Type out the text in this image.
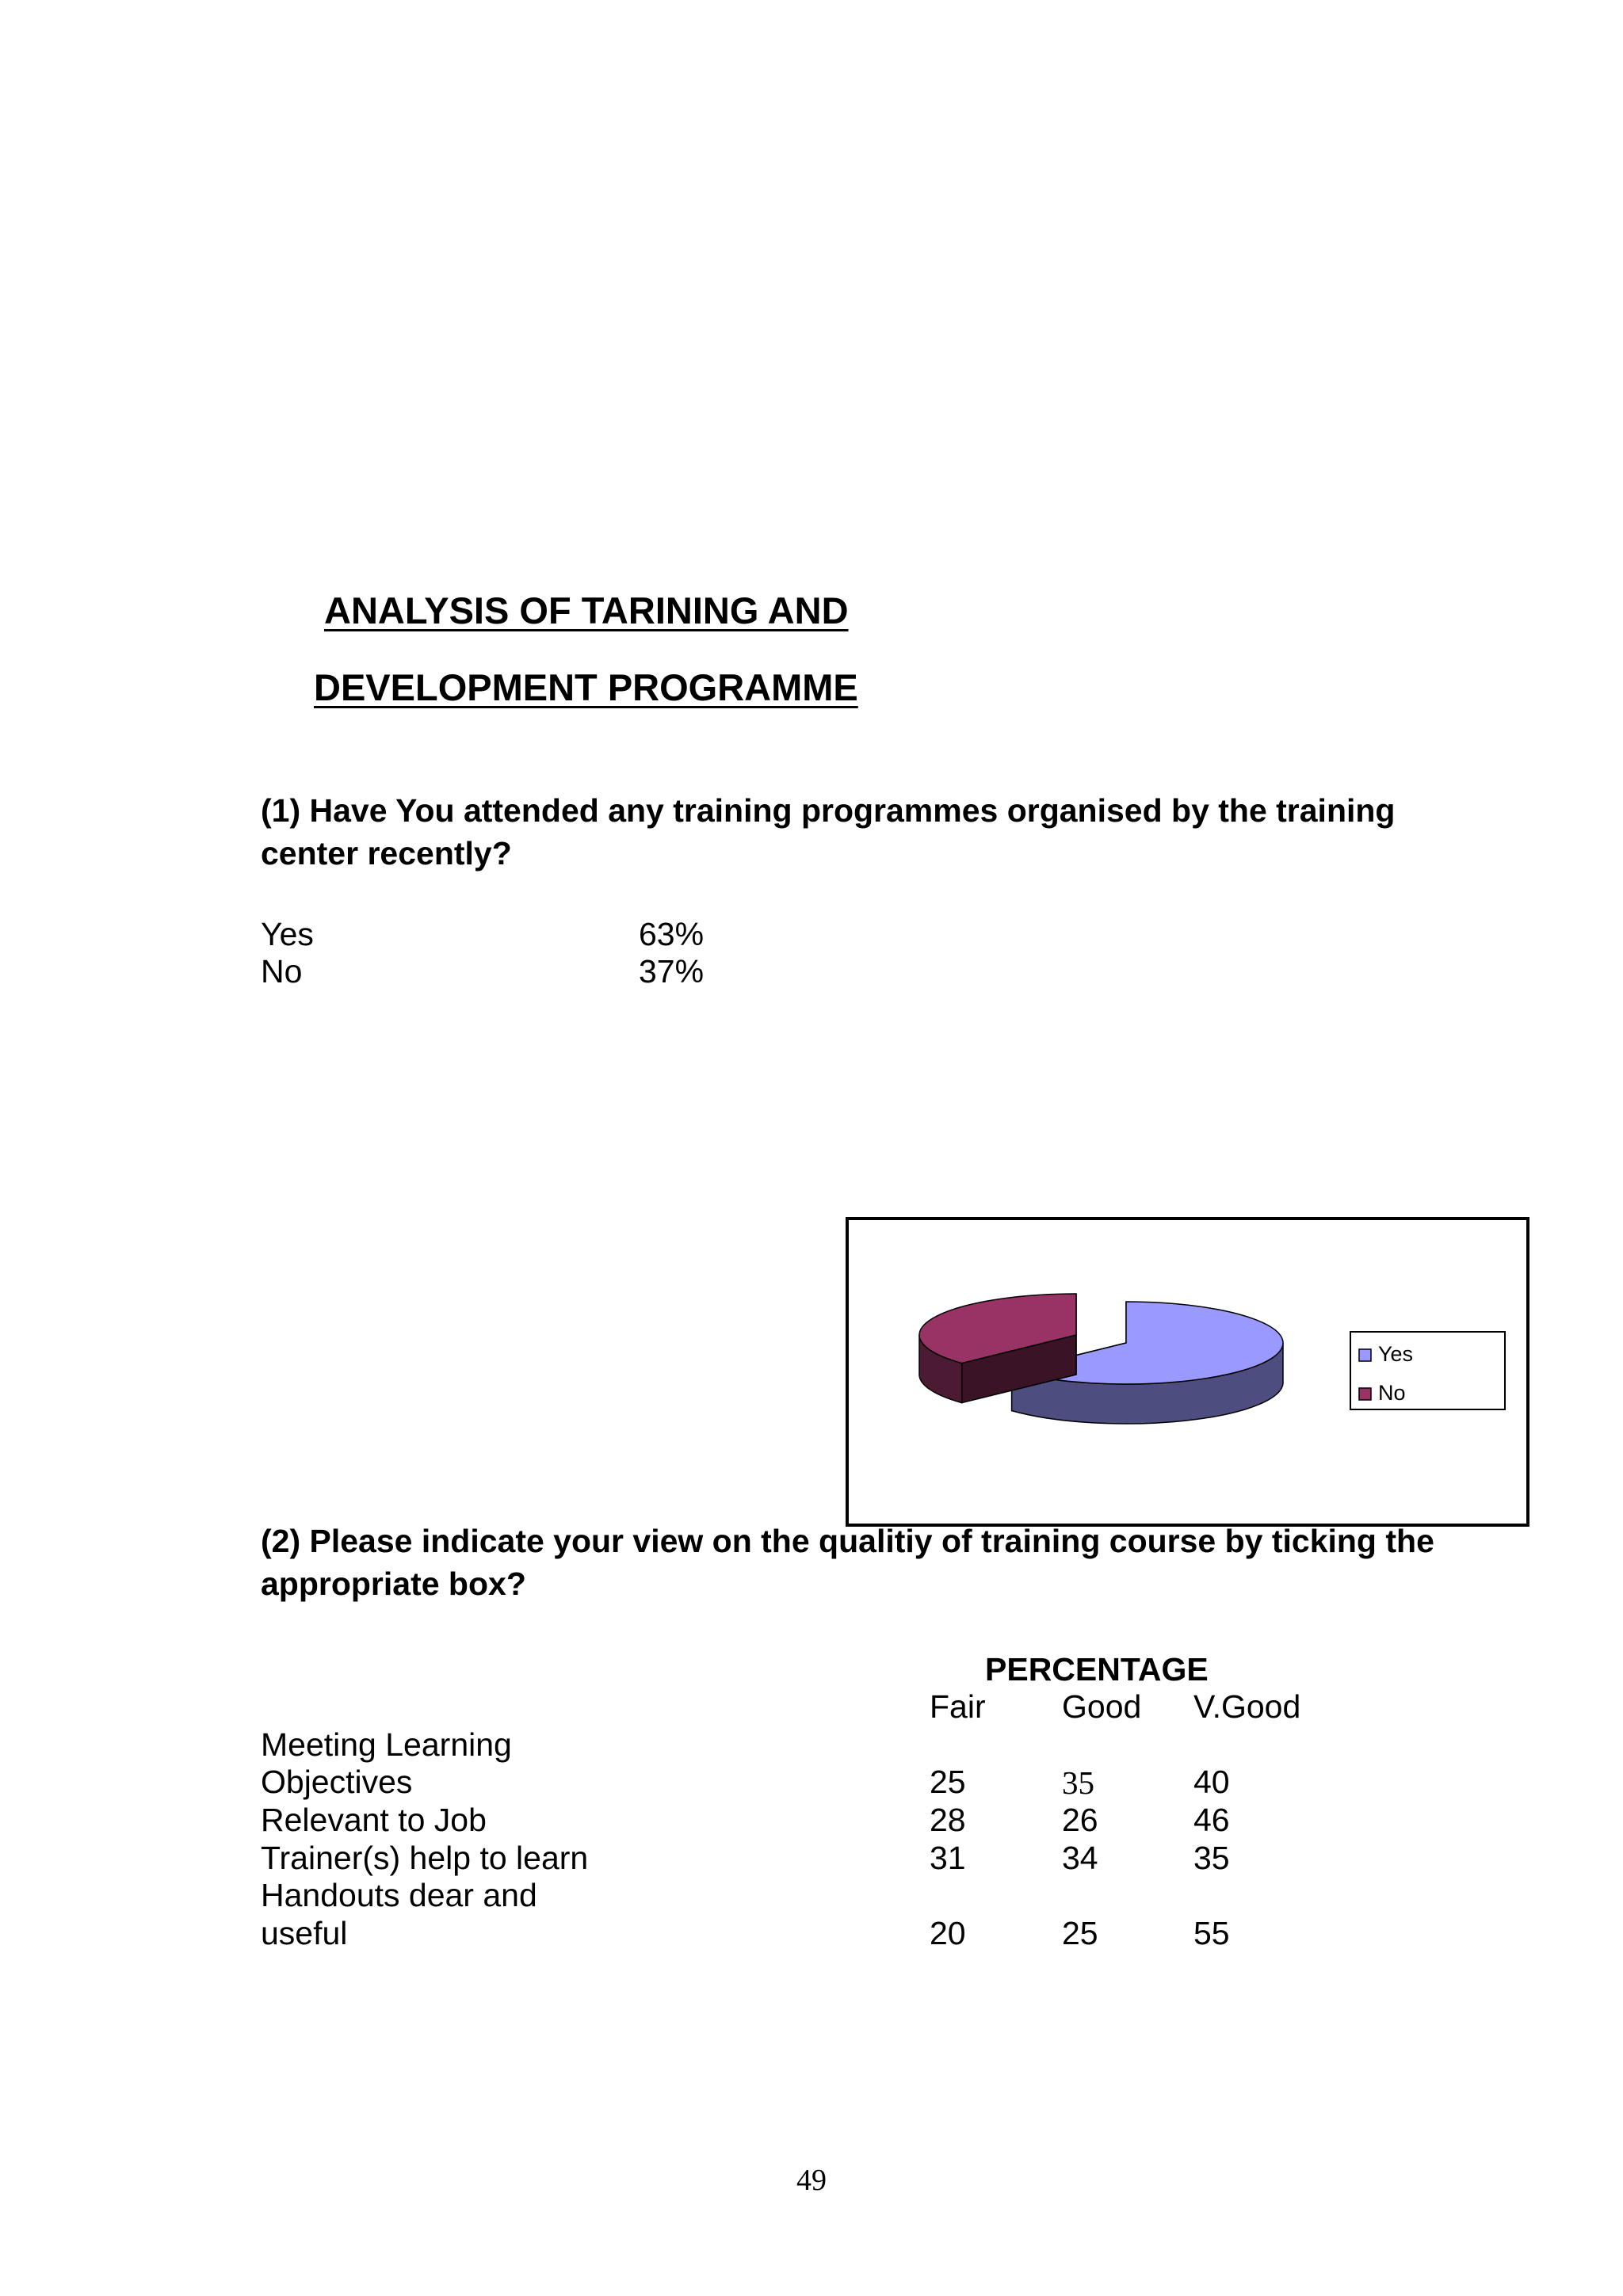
ANALYSIS OF TARINING AND
DEVELOPMENT PROGRAMME
(1) Have You attended any training programmes organised by the training center recently?
Yes	63%
No	37%
Yes
No
(2) Please indicate your view on the qualitiy of training course by ticking the appropriate box?
PERCENTAGE
Fair Good V.Good
Meeting Learning
Objectives	25	35	40
Relevant to Job	28	26	46
Trainer(s) help to learn	31	34	35
Handouts dear and
useful	20	25	55
49
